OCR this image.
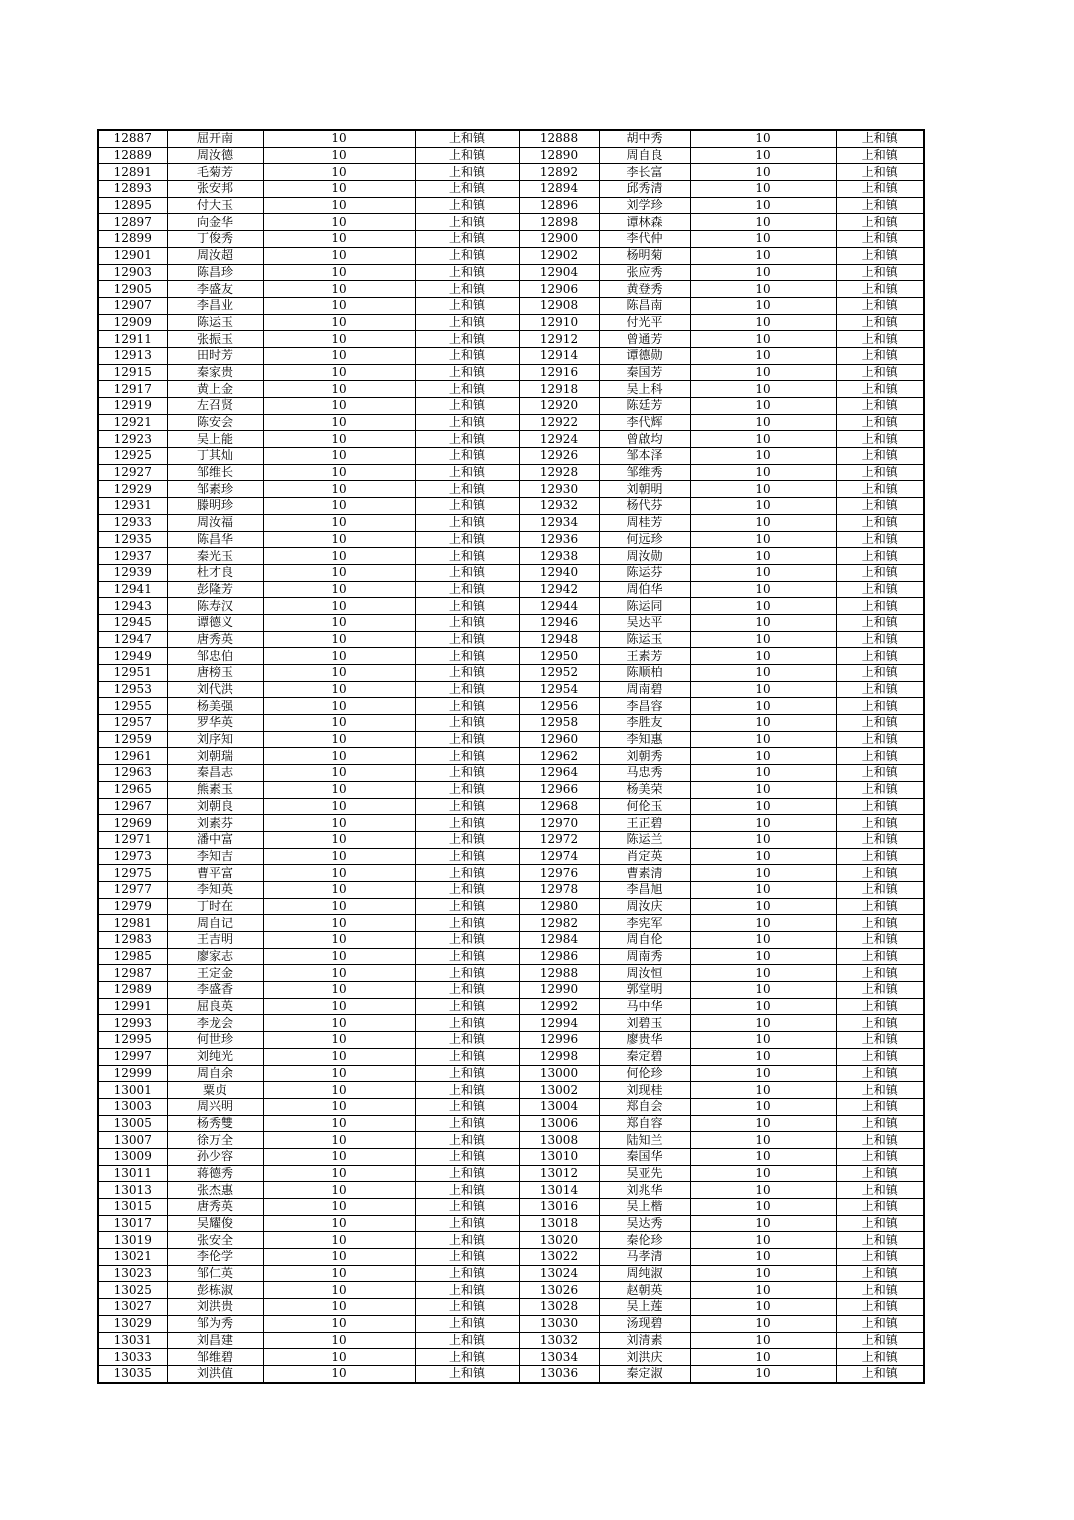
12887	屈开南	10	上和镇	12888	胡中秀	10	上和镇
12889	周汝德	10	上和镇	12890	周自良	10	上和镇
12891	毛菊芳	10	上和镇	12892	李长富	10	上和镇
12893	张安邦	10	上和镇	12894	邱秀清	10	上和镇
12895	付大玉	10	上和镇	12896	刘学珍	10	上和镇
12897	向金华	10	上和镇	12898	谭林森	10	上和镇
12899	丁俊秀	10	上和镇	12900	李代仲	10	上和镇
12901	周汝超	10	上和镇	12902	杨明菊	10	上和镇
12903	陈昌珍	10	上和镇	12904	张应秀	10	上和镇
12905	李盛友	10	上和镇	12906	黄登秀	10	上和镇
12907	李昌业	10	上和镇	12908	陈昌南	10	上和镇
12909	陈运玉	10	上和镇	12910	付光平	10	上和镇
12911	张振玉	10	上和镇	12912	曾通芳	10	上和镇
12913	田时芳	10	上和镇	12914	谭德勋	10	上和镇
12915	秦家贵	10	上和镇	12916	秦国芳	10	上和镇
12917	黄上金	10	上和镇	12918	吴上科	10	上和镇
12919	左召贤	10	上和镇	12920	陈廷芳	10	上和镇
12921	陈安会	10	上和镇	12922	李代辉	10	上和镇
12923	吴上能	10	上和镇	12924	曾啟均	10	上和镇
12925	丁其灿	10	上和镇	12926	邹本泽	10	上和镇
12927	邹维长	10	上和镇	12928	邹维秀	10	上和镇
12929	邹素珍	10	上和镇	12930	刘朝明	10	上和镇
12931	滕明珍	10	上和镇	12932	杨代芬	10	上和镇
12933	周汝福	10	上和镇	12934	周桂芳	10	上和镇
12935	陈昌华	10	上和镇	12936	何远珍	10	上和镇
12937	秦光玉	10	上和镇	12938	周汝勋	10	上和镇
12939	杜才良	10	上和镇	12940	陈运芬	10	上和镇
12941	彭隆芳	10	上和镇	12942	周伯华	10	上和镇
12943	陈寿汉	10	上和镇	12944	陈运同	10	上和镇
12945	谭德义	10	上和镇	12946	吴达平	10	上和镇
12947	唐秀英	10	上和镇	12948	陈运玉	10	上和镇
12949	邹忠伯	10	上和镇	12950	王素芳	10	上和镇
12951	唐榜玉	10	上和镇	12952	陈顺柏	10	上和镇
12953	刘代洪	10	上和镇	12954	周南碧	10	上和镇
12955	杨美强	10	上和镇	12956	李昌容	10	上和镇
12957	罗华英	10	上和镇	12958	李胜友	10	上和镇
12959	刘序知	10	上和镇	12960	李知惠	10	上和镇
12961	刘朝瑞	10	上和镇	12962	刘朝秀	10	上和镇
12963	秦昌志	10	上和镇	12964	马忠秀	10	上和镇
12965	熊素玉	10	上和镇	12966	杨美荣	10	上和镇
12967	刘朝良	10	上和镇	12968	何伦玉	10	上和镇
12969	刘素芬	10	上和镇	12970	王正碧	10	上和镇
12971	潘中富	10	上和镇	12972	陈运兰	10	上和镇
12973	李知吉	10	上和镇	12974	肖定英	10	上和镇
12975	曹平富	10	上和镇	12976	曹素清	10	上和镇
12977	李知英	10	上和镇	12978	李昌旭	10	上和镇
12979	丁时在	10	上和镇	12980	周汝庆	10	上和镇
12981	周自记	10	上和镇	12982	李宪军	10	上和镇
12983	王吉明	10	上和镇	12984	周自伦	10	上和镇
12985	廖家志	10	上和镇	12986	周南秀	10	上和镇
12987	王定金	10	上和镇	12988	周汝恒	10	上和镇
12989	李盛香	10	上和镇	12990	郭堂明	10	上和镇
12991	屈良英	10	上和镇	12992	马中华	10	上和镇
12993	李龙会	10	上和镇	12994	刘碧玉	10	上和镇
12995	何世珍	10	上和镇	12996	廖贵华	10	上和镇
12997	刘纯光	10	上和镇	12998	秦定碧	10	上和镇
12999	周自余	10	上和镇	13000	何伦珍	10	上和镇
13001	粟贞	10	上和镇	13002	刘现桂	10	上和镇
13003	周兴明	10	上和镇	13004	郑自会	10	上和镇
13005	杨秀雙	10	上和镇	13006	郑自容	10	上和镇
13007	徐万全	10	上和镇	13008	陆知兰	10	上和镇
13009	孙少容	10	上和镇	13010	秦国华	10	上和镇
13011	蒋德秀	10	上和镇	13012	吴亚先	10	上和镇
13013	张杰惠	10	上和镇	13014	刘兆华	10	上和镇
13015	唐秀英	10	上和镇	13016	吴上楷	10	上和镇
13017	吴耀俊	10	上和镇	13018	吴达秀	10	上和镇
13019	张安全	10	上和镇	13020	秦伦珍	10	上和镇
13021	李伦学	10	上和镇	13022	马孝清	10	上和镇
13023	邹仁英	10	上和镇	13024	周纯淑	10	上和镇
13025	彭栋淑	10	上和镇	13026	赵朝英	10	上和镇
13027	刘洪贵	10	上和镇	13028	吴上莲	10	上和镇
13029	邹为秀	10	上和镇	13030	汤现碧	10	上和镇
13031	刘昌建	10	上和镇	13032	刘清素	10	上和镇
13033	邹维碧	10	上和镇	13034	刘洪庆	10	上和镇
13035	刘洪值	10	上和镇	13036	秦定淑	10	上和镇
